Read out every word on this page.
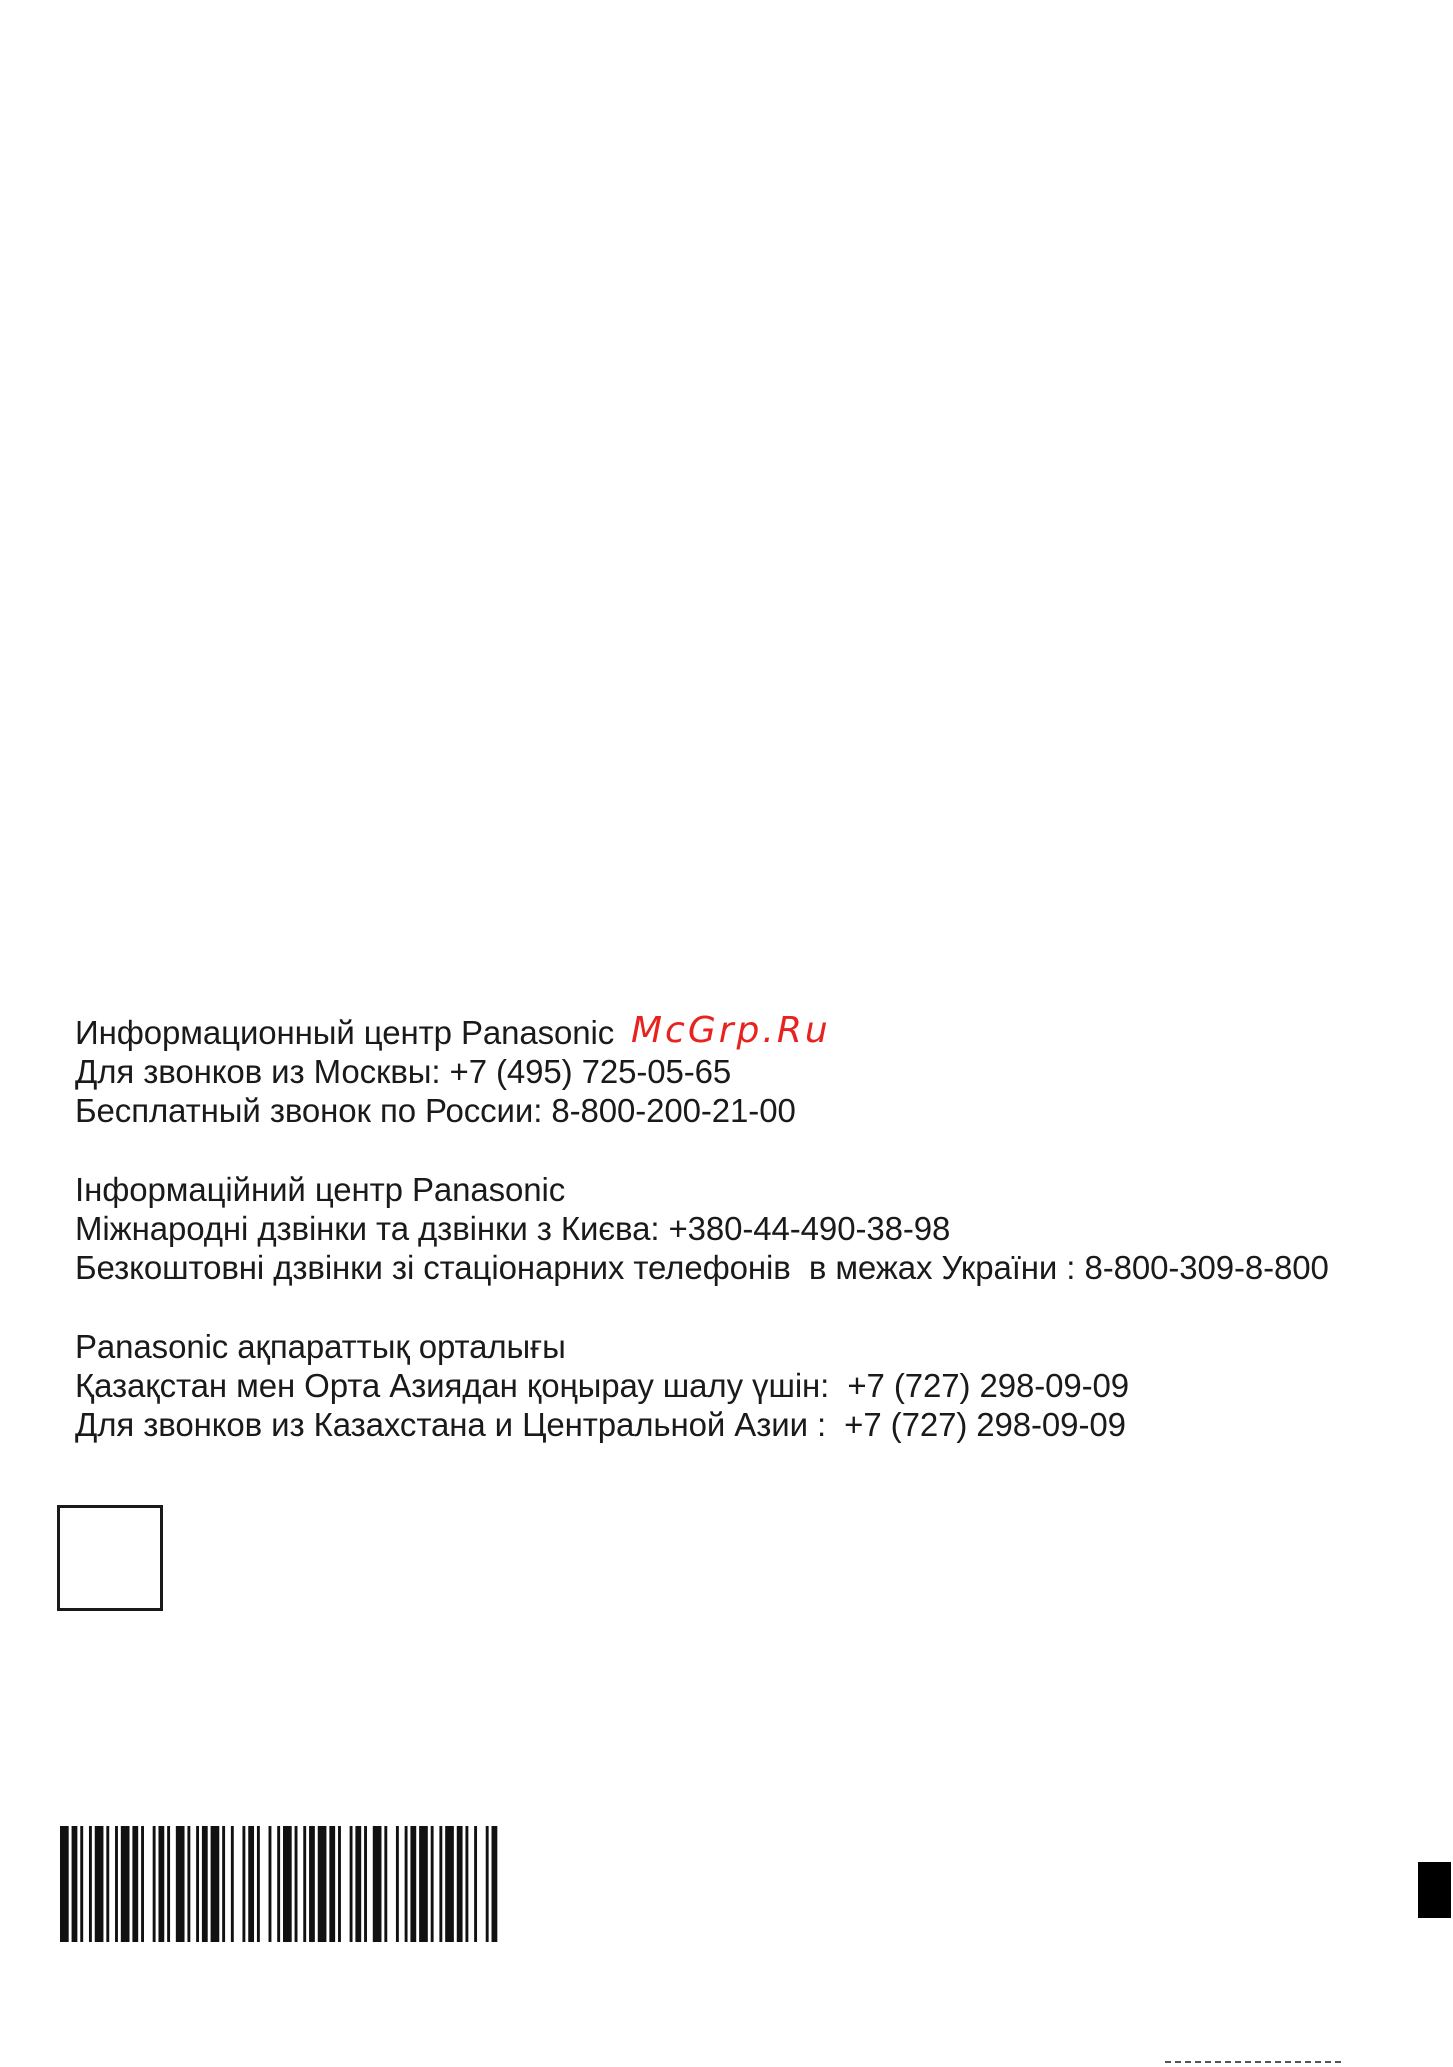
Информационный центр Panasonic
Для звонков из Москвы: +7 (495) 725-05-65
Бесплатный звонок по России: 8-800-200-21-00
Інформаційний центр Panasonic
Міжнародні дзвінки та дзвінки з Києва: +380-44-490-38-98
Безкоштовні дзвінки зі стаціонарних телефонів  в межах України : 8-800-309-8-800
Panasonic ақпараттық орталығы
Қазақстан мен Орта Азиядан қоңырау шалу үшін:  +7 (727) 298-09-09
Для звонков из Казахстана и Центральной Азии :  +7 (727) 298-09-09
McGrp.Ru
